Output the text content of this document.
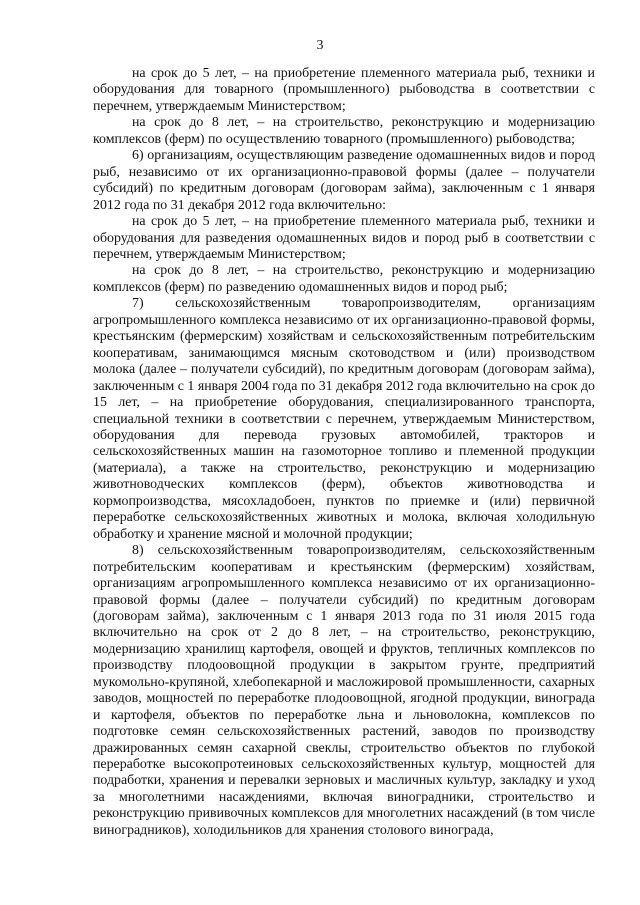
3

на срок до 5 лет, – на приобретение племенного материала рыб, техники и оборудования для товарного (промышленного) рыбоводства в соответствии с перечнем, утверждаемым Министерством;

на срок до 8 лет, – на строительство, реконструкцию и модернизацию комплексов (ферм) по осуществлению товарного (промышленного) рыбоводства;

6) организациям, осуществляющим разведение одомашненных видов и пород рыб, независимо от их организационно-правовой формы (далее – получатели субсидий) по кредитным договорам (договорам займа), заключенным с 1 января 2012 года по 31 декабря 2012 года включительно:

на срок до 5 лет, – на приобретение племенного материала рыб, техники и оборудования для разведения одомашненных видов и пород рыб в соответствии с перечнем, утверждаемым Министерством;

на срок до 8 лет, – на строительство, реконструкцию и модернизацию комплексов (ферм) по разведению одомашненных видов и пород рыб;

7) сельскохозяйственным товаропроизводителям, организациям агропромышленного комплекса независимо от их организационно-правовой формы, крестьянским (фермерским) хозяйствам и сельскохозяйственным потребительским кооперативам, занимающимся мясным скотоводством и (или) производством молока (далее – получатели субсидий), по кредитным договорам (договорам займа), заключенным с 1 января 2004 года по 31 декабря 2012 года включительно на срок до 15 лет, – на приобретение оборудования, специализированного транспорта, специальной техники в соответствии с перечнем, утверждаемым Министерством, оборудования для перевода грузовых автомобилей, тракторов и сельскохозяйственных машин на газомоторное топливо и племенной продукции (материала), а также на строительство, реконструкцию и модернизацию животноводческих комплексов (ферм), объектов животноводства и кормопроизводства, мясохладобоен, пунктов по приемке и (или) первичной переработке сельскохозяйственных животных и молока, включая холодильную обработку и хранение мясной и молочной продукции;

8) сельскохозяйственным товаропроизводителям, сельскохозяйственным потребительским кооперативам и крестьянским (фермерским) хозяйствам, организациям агропромышленного комплекса независимо от их организационно-правовой формы (далее – получатели субсидий) по кредитным договорам (договорам займа), заключенным с 1 января 2013 года по 31 июля 2015 года включительно на срок от 2 до 8 лет, – на строительство, реконструкцию, модернизацию хранилищ картофеля, овощей и фруктов, тепличных комплексов по производству плодоовощной продукции в закрытом грунте, предприятий мукомольно-крупяной, хлебопекарной и масложировой промышленности, сахарных заводов, мощностей по переработке плодоовощной, ягодной продукции, винограда и картофеля, объектов по переработке льна и льноволокна, комплексов по подготовке семян сельскохозяйственных растений, заводов по производству дражированных семян сахарной свеклы, строительство объектов по глубокой переработке высокопротеиновых сельскохозяйственных культур, мощностей для подработки, хранения и перевалки зерновых и масличных культур, закладку и уход за многолетними насаждениями, включая виноградники, строительство и реконструкцию прививочных комплексов для многолетних насаждений (в том числе виноградников), холодильников для хранения столового винограда,
